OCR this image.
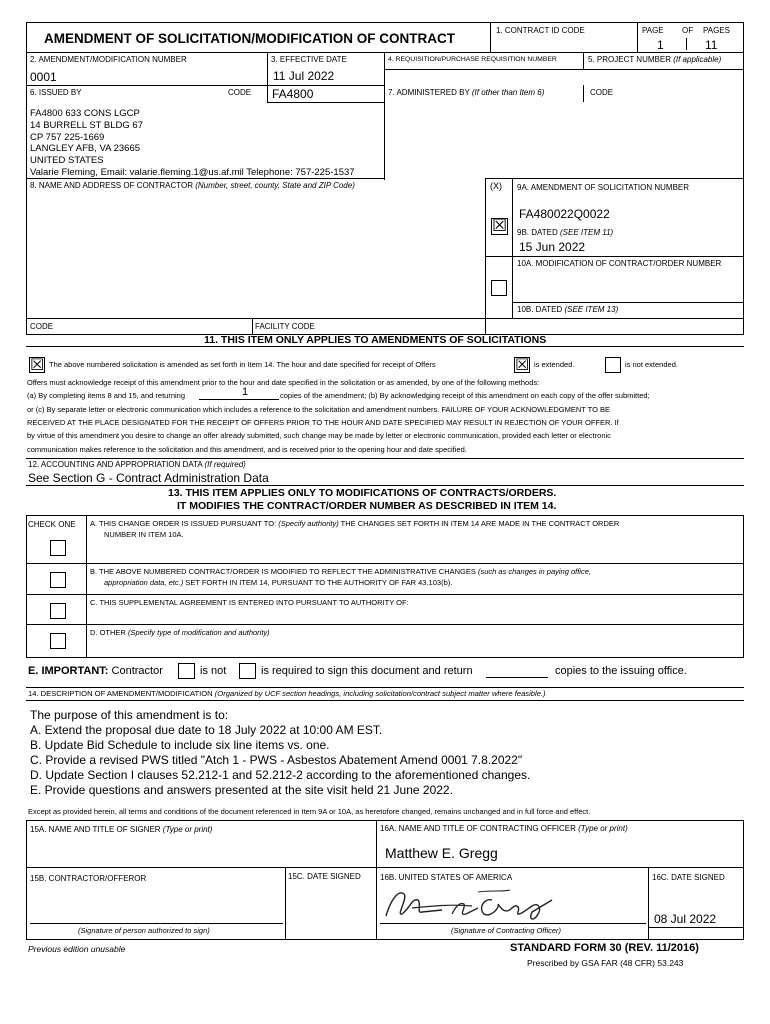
AMENDMENT OF SOLICITATION/MODIFICATION OF CONTRACT
1. CONTRACT ID CODE	PAGE OF PAGES
1	11
2. AMENDMENT/MODIFICATION NUMBER
0001
3. EFFECTIVE DATE
11 Jul 2022
4. REQUISITION/PURCHASE REQUISITION NUMBER	5. PROJECT NUMBER (If applicable)
6. ISSUED BY	CODE FA4800	7. ADMINISTERED BY (If other than Item 6)	CODE
FA4800 633 CONS LGCP
14 BURRELL ST BLDG 67
CP 757 225-1669
LANGLEY AFB, VA 23665
UNITED STATES
Valarie Fleming, Email: valarie.fleming.1@us.af.mil Telephone: 757-225-1537
8. NAME AND ADDRESS OF CONTRACTOR (Number, street, county, State and ZIP Code)	(X) 9A. AMENDMENT OF SOLICITATION NUMBER
FA480022Q0022
☒ 9B. DATED (SEE ITEM 11)
15 Jun 2022
10A. MODIFICATION OF CONTRACT/ORDER NUMBER
10B. DATED (SEE ITEM 13)
CODE	FACILITY CODE
11. THIS ITEM ONLY APPLIES TO AMENDMENTS OF SOLICITATIONS
☒ The above numbered solicitation is amended as set forth in Item 14. The hour and date specified for receipt of Offers	☒ is extended.	is not extended.
Offers must acknowledge receipt of this amendment prior to the hour and date specified in the solicitation or as amended, by one of the following methods:
(a) By completing items 8 and 15, and returning	1	copies of the amendment; (b) By acknowledging receipt of this amendment on each copy of the offer submitted;
or (c) By separate letter or electronic communication which includes a reference to the solicitation and amendment numbers. FAILURE OF YOUR ACKNOWLEDGMENT TO BE
RECEIVED AT THE PLACE DESIGNATED FOR THE RECEIPT OF OFFERS PRIOR TO THE HOUR AND DATE SPECIFIED MAY RESULT IN REJECTION OF YOUR OFFER. If
by virtue of this amendment you desire to change an offer already submitted, such change may be made by letter or electronic communication, provided each letter or electronic
communication makes reference to the solicitation and this amendment, and is received prior to the opening hour and date specified.
12. ACCOUNTING AND APPROPRIATION DATA (If required)
See Section G - Contract Administration Data
13. THIS ITEM APPLIES ONLY TO MODIFICATIONS OF CONTRACTS/ORDERS.
IT MODIFIES THE CONTRACT/ORDER NUMBER AS DESCRIBED IN ITEM 14.
CHECK ONE A. THIS CHANGE ORDER IS ISSUED PURSUANT TO: (Specify authority) THE CHANGES SET FORTH IN ITEM 14 ARE MADE IN THE CONTRACT ORDER
NUMBER IN ITEM 10A.
B. THE ABOVE NUMBERED CONTRACT/ORDER IS MODIFIED TO REFLECT THE ADMINISTRATIVE CHANGES (such as changes in paying office,
appropriation data, etc.) SET FORTH IN ITEM 14, PURSUANT TO THE AUTHORITY OF FAR 43.103(b).
C. THIS SUPPLEMENTAL AGREEMENT IS ENTERED INTO PURSUANT TO AUTHORITY OF:
D. OTHER (Specify type of modification and authority)
E. IMPORTANT: Contractor	is not	is required to sign this document and return	copies to the issuing office.
14. DESCRIPTION OF AMENDMENT/MODIFICATION (Organized by UCF section headings, including solicitation/contract subject matter where feasible.)
The purpose of this amendment is to:
A. Extend the proposal due date to 18 July 2022 at 10:00 AM EST.
B. Update Bid Schedule to include six line items vs. one.
C. Provide a revised PWS titled "Atch 1 - PWS - Asbestos Abatement Amend 0001 7.8.2022"
D. Update Section I clauses 52.212-1 and 52.212-2 according to the aforementioned changes.
E. Provide questions and answers presented at the site visit held 21 June 2022.
Except as provided herein, all terms and conditions of the document referenced in Item 9A or 10A, as heretofore changed, remains unchanged and in full force and effect.
15A. NAME AND TITLE OF SIGNER (Type or print)	16A. NAME AND TITLE OF CONTRACTING OFFICER (Type or print)
Matthew E. Gregg
15B. CONTRACTOR/OFFEROR	15C. DATE SIGNED 16B. UNITED STATES OF AMERICA	16C. DATE SIGNED
08 Jul 2022
(Signature of person authorized to sign)	(Signature of Contracting Officer)
Previous edition unusable	STANDARD FORM 30 (REV. 11/2016)
Prescribed by GSA FAR (48 CFR) 53.243
